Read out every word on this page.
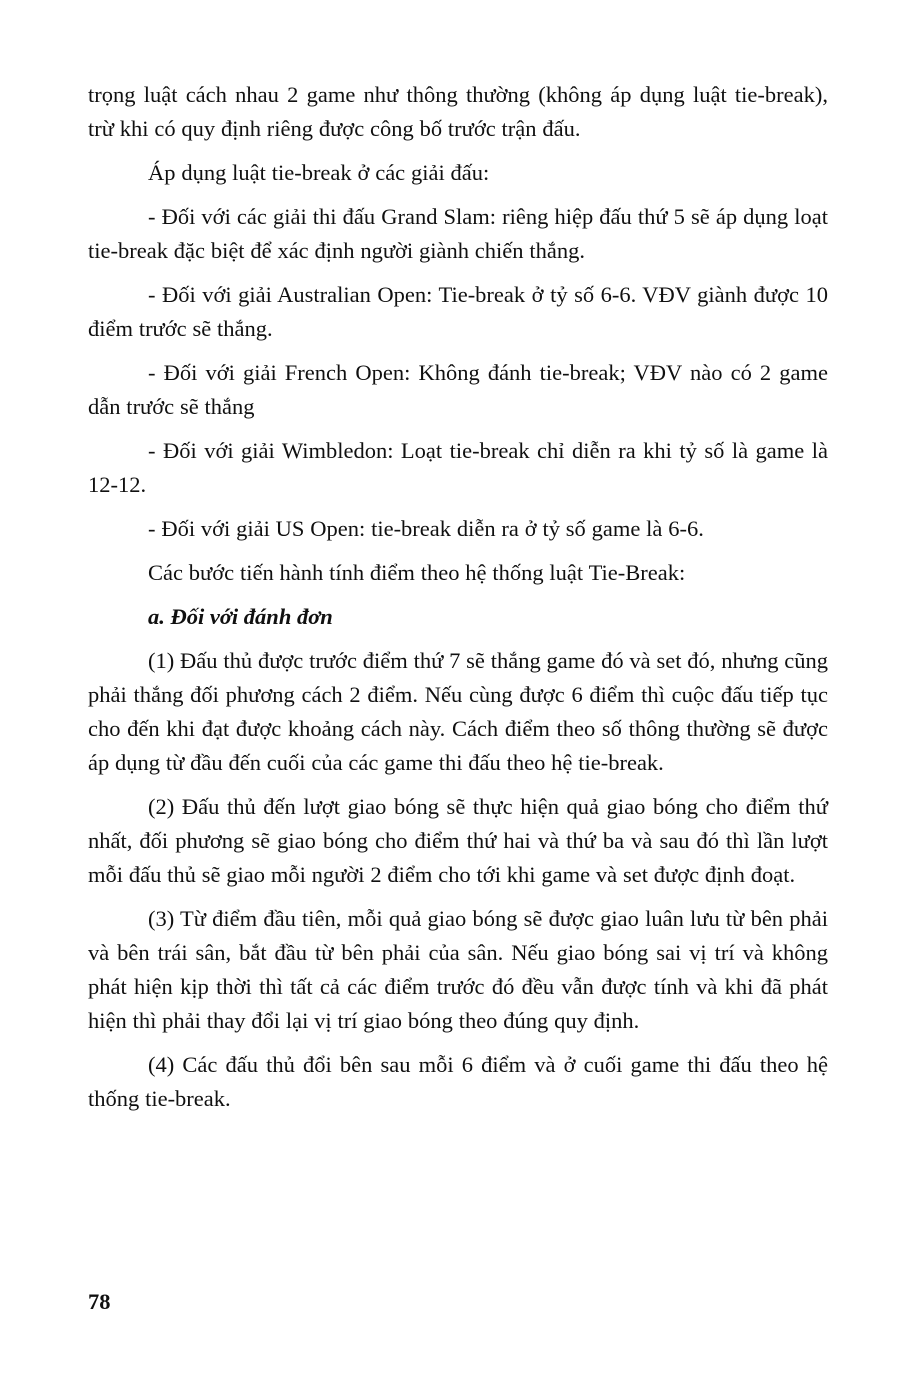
trọng luật cách nhau 2 game như thông thường (không áp dụng luật tie-break), trừ khi có quy định riêng được công bố trước trận đấu.

Áp dụng luật tie-break ở các giải đấu:

- Đối với các giải thi đấu Grand Slam: riêng hiệp đấu thứ 5 sẽ áp dụng loạt tie-break đặc biệt để xác định người giành chiến thắng.

- Đối với giải Australian Open: Tie-break ở tỷ số 6-6. VĐV giành được 10 điểm trước sẽ thắng.

- Đối với giải French Open: Không đánh tie-break; VĐV nào có 2 game dẫn trước sẽ thắng

- Đối với giải Wimbledon: Loạt tie-break chỉ diễn ra khi tỷ số là game là 12-12.

- Đối với giải US Open: tie-break diễn ra ở tỷ số game là 6-6.

Các bước tiến hành tính điểm theo hệ thống luật Tie-Break:

a. Đối với đánh đơn

(1) Đấu thủ được trước điểm thứ 7 sẽ thắng game đó và set đó, nhưng cũng phải thắng đối phương cách 2 điểm. Nếu cùng được 6 điểm thì cuộc đấu tiếp tục cho đến khi đạt được khoảng cách này. Cách điểm theo số thông thường sẽ được áp dụng từ đầu đến cuối của các game thi đấu theo hệ tie-break.

(2) Đấu thủ đến lượt giao bóng sẽ thực hiện quả giao bóng cho điểm thứ nhất, đối phương sẽ giao bóng cho điểm thứ hai và thứ ba và sau đó thì lần lượt mỗi đấu thủ sẽ giao mỗi người 2 điểm cho tới khi game và set được định đoạt.

(3) Từ điểm đầu tiên, mỗi quả giao bóng sẽ được giao luân lưu từ bên phải và bên trái sân, bắt đầu từ bên phải của sân. Nếu giao bóng sai vị trí và không phát hiện kịp thời thì tất cả các điểm trước đó đều vẫn được tính và khi đã phát hiện thì phải thay đổi lại vị trí giao bóng theo đúng quy định.

(4) Các đấu thủ đổi bên sau mỗi 6 điểm và ở cuối game thi đấu theo hệ thống tie-break.

78
